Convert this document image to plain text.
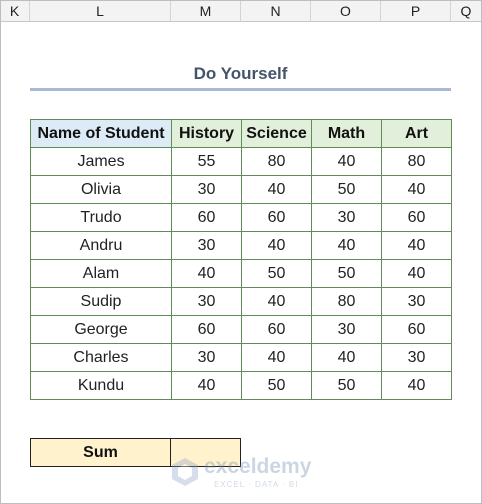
K	L	M	N	O	P	Q
Do Yourself
Name of Student	History	Science	Math	Art
James	55	80	40	80
Olivia	30	40	50	40
Trudo	60	60	30	60
Andru	30	40	40	40
Alam	40	50	50	40
Sudip	30	40	80	30
George	60	60	30	60
Charles	30	40	40	30
Kundu	40	50	50	40
Sum
exceldemy
EXCEL · DATA · BI
